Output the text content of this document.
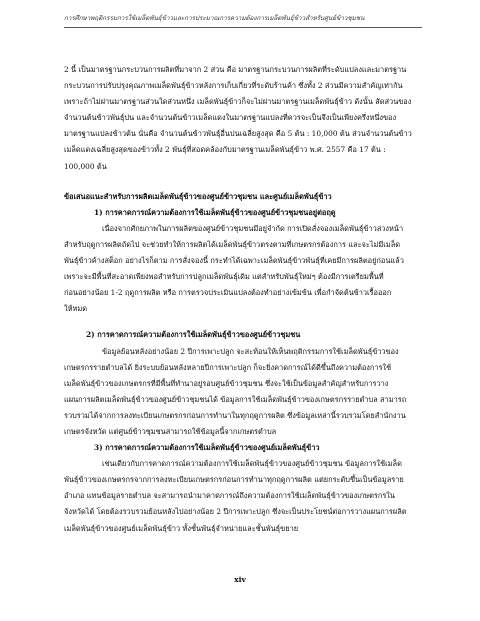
การศึกษาพฤติกรรมการใช้เมล็ดพันธุ์ข้าวและการประมาณการความต้องการเมล็ดพันธุ์ข้าวสำหรับศูนย์ข้าวชุมชน
2 นี้ เป็นมาตรฐานกระบวนการผลิตที่มาจาก 2 ส่วน คือ มาตรฐานกระบวนการผลิตที่ระดับแปลงและมาตรฐาน
กระบวนการปรับปรุงคุณภาพเมล็ดพันธุ์ข้าวหลังการเก็บเกี่ยวที่ระดับร้านค้า ซึ่งทั้ง 2 ส่วนมีความสำคัญเท่ากัน
เพราะถ้าไม่ผ่านมาตรฐานส่วนใดส่วนหนึ่ง เมล็ดพันธุ์ข้าวก็จะไม่ผ่านมาตรฐานเมล็ดพันธุ์ข้าว ดังนั้น สัดส่วนของ
จำนวนต้นข้าวพันธุ์ปน และจำนวนต้นข้าวเมล็ดแดงในมาตรฐานแปลงที่ควรจะเป็นจึงเป็นเพียงครึ่งหนึ่งของ
มาตรฐานแปลงข้าวต้น นั่นคือ จำนวนต้นข้าวพันธุ์อื่นปนเฉลี่ยสูงสุด คือ 5 ต้น : 10,000 ต้น ส่วนจำนวนต้นข้าว
เมล็ดแดงเฉลี่ยสูงสุดของข้าวทั้ง 2 พันธุ์ที่สอดคล้องกับมาตรฐานเมล็ดพันธุ์ข้าว พ.ศ. 2557 คือ 17 ต้น :
100,000 ต้น
ข้อเสนอแนะสำหรับการผลิตเมล็ดพันธุ์ข้าวของศูนย์ข้าวชุมชน และศูนย์เมล็ดพันธุ์ข้าว
1) การคาดการณ์ความต้องการใช้เมล็ดพันธุ์ข้าวของศูนย์ข้าวชุมชนอยู่ต่อฤดู
เนื่องจากศักยภาพในการผลิตของศูนย์ข้าวชุมชนมีอยู่จำกัด การเปิดสั่งจองเมล็ดพันธุ์ข้าวล่วงหน้า
สำหรับฤดูการผลิตถัดไป จะช่วยทำให้การผลิตได้เมล็ดพันธุ์ข้าวตรงตามที่เกษตรกรต้องการ และจะไม่มีเมล็ด
พันธุ์ข้าวค้างสต็อก อย่างไรก็ตาม การสั่งจองนี้ กระทำได้เฉพาะเมล็ดพันธุ์ข้าวพันธุ์ที่เคยมีการผลิตอยู่ก่อนแล้ว
เพราะจะมีพื้นที่สะอาดเพียงพอสำหรับการปลูกเมล็ดพันธุ์เดิม แต่สำหรับพันธุ์ใหม่ๆ ต้องมีการเตรียมพื้นที่
ก่อนอย่างน้อย 1-2 ฤดูการผลิต หรือ การตรวจประเมินแปลงต้องทำอย่างเข้มข้น เพื่อกำจัดต้นข้าวเรื้อออก
ให้หมด
2) การคาดการณ์ความต้องการใช้เมล็ดพันธุ์ข้าวของศูนย์ข้าวชุมชน
ข้อมูลย้อนหลังอย่างน้อย 2 ปีการเพาะปลูก จะสะท้อนให้เห็นพฤติกรรมการใช้เมล็ดพันธุ์ข้าวของ
เกษตรกรรายตำบลได้ ยิ่งระบบย้อนหลังหลายปีการเพาะปลูก ก็จะยิ่งคาดการณ์ได้ดีขึ้นถึงความต้องการใช้
เมล็ดพันธุ์ข้าวของเกษตรกรที่มีพื้นที่ทำนาอยู่รอบศูนย์ข้าวชุมชน ซึ่งจะใช้เป็นข้อมูลสำคัญสำหรับการวาง
แผนการผลิตเมล็ดพันธุ์ข้าวของศูนย์ข้าวชุมชนได้ ข้อมูลการใช้เมล็ดพันธุ์ข้าวของเกษตรกรรายตำบล สามารถ
รวบรวมได้จากการลงทะเบียนเกษตรกรก่อนการทำนาในทุกฤดูการผลิต ซึ่งข้อมูลเหล่านี้รวบรวมโดยสำนักงาน
เกษตรจังหวัด แต่ศูนย์ข้าวชุมชนสามารถใช้ข้อมูลนี้จากเกษตรตำบล
3) การคาดการณ์ความต้องการใช้เมล็ดพันธุ์ข้าวของศูนย์เมล็ดพันธุ์ข้าว
เช่นเดียวกับการคาดการณ์ความต้องการใช้เมล็ดพันธุ์ข้าวของศูนย์ข้าวชุมชน ข้อมูลการใช้เมล็ด
พันธุ์ข้าวของเกษตรกรจากการลงทะเบียนเกษตรกรก่อนการทำนาทุกฤดูการผลิต แต่ยกระดับขึ้นเป็นข้อมูลราย
อำเภอ แทนข้อมูลรายตำบล จะสามารถนำมาคาดการณ์ถึงความต้องการใช้เมล็ดพันธุ์ข้าวของเกษตรกรใน
จังหวัดได้ โดยต้องรวบรวมย้อนหลังไปอย่างน้อย 2 ปีการเพาะปลูก ซึ่งจะเป็นประโยชน์ต่อการวางแผนการผลิต
เมล็ดพันธุ์ข้าวของศูนย์เมล็ดพันธุ์ข้าว ทั้งชั้นพันธุ์จำหน่ายและชั้นพันธุ์ขยาย
xiv
